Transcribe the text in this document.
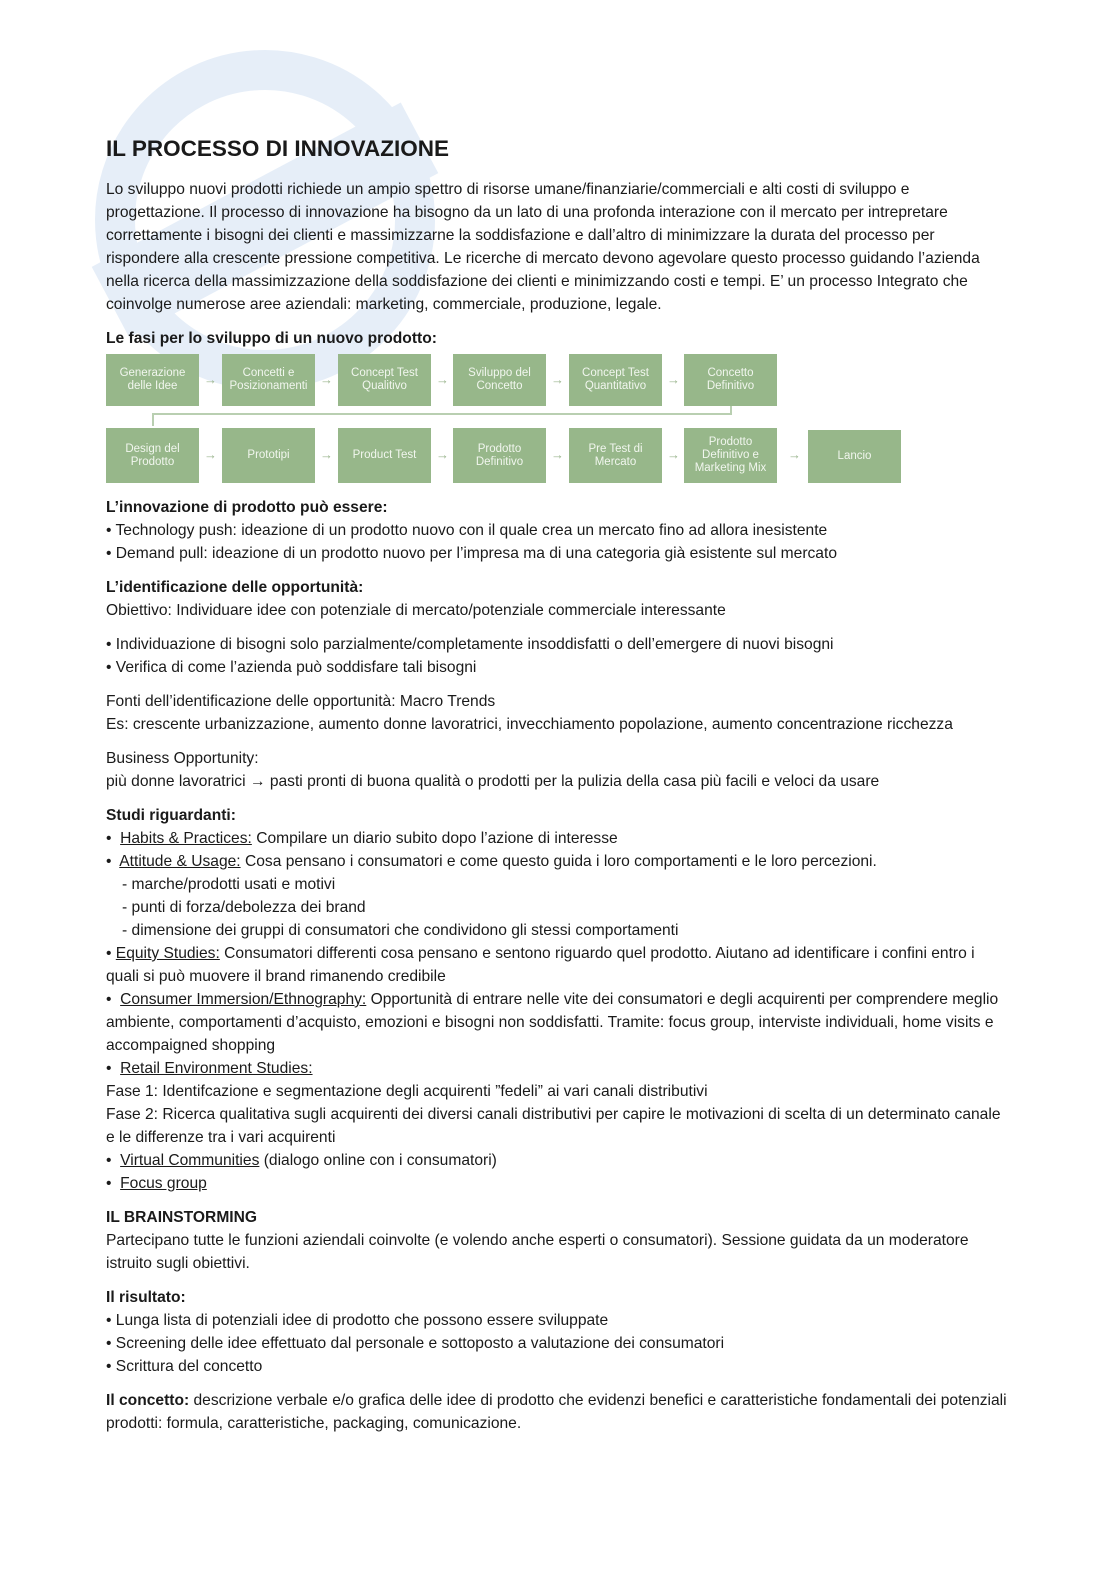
IL PROCESSO DI INNOVAZIONE

Lo sviluppo nuovi prodotti richiede un ampio spettro di risorse umane/finanziarie/commerciali e alti costi di sviluppo e progettazione. Il processo di innovazione ha bisogno da un lato di una profonda interazione con il mercato per intrepretare correttamente i bisogni dei clienti e massimizzarne la soddisfazione e dall’altro di minimizzare la durata del processo per rispondere alla crescente pressione competitiva. Le ricerche di mercato devono agevolare questo processo guidando l’azienda nella ricerca della massimizzazione della soddisfazione dei clienti e minimizzando costi e tempi. E’ un processo Integrato che coinvolge numerose aree aziendali: marketing, commerciale, produzione, legale.

Le fasi per lo sviluppo di un nuovo prodotto:

Generazione delle Idee	→	Concetti e Posizionamenti →	Concept Test Qualitivo	→	Sviluppo del Concetto	→	Concept Test Quantitativo	→	Concetto Definitivo
Design del Prodotto	→	Prototipi	→	Product Test	→	Prodotto Definitivo	→	Pre Test di Mercato	→
Prodotto Definitivo e Marketing Mix
→	Lancio

L’innovazione di prodotto può essere:

• Technology push: ideazione di un prodotto nuovo con il quale crea un mercato fino ad allora inesistente

• Demand pull: ideazione di un prodotto nuovo per l’impresa ma di una categoria già esistente sul mercato

L’identificazione delle opportunità:

Obiettivo: Individuare idee con potenziale di mercato/potenziale commerciale interessante

• Individuazione di bisogni solo parzialmente/completamente insoddisfatti o dell’emergere di nuovi bisogni

• Verifica di come l’azienda può soddisfare tali bisogni

Fonti dell’identificazione delle opportunità: Macro Trends

Es: crescente urbanizzazione, aumento donne lavoratrici, invecchiamento popolazione, aumento concentrazione ricchezza

Business Opportunity:

più donne lavoratrici → pasti pronti di buona qualità o prodotti per la pulizia della casa più facili e veloci da usare

Studi riguardanti:

•  Habits & Practices: Compilare un diario subito dopo l’azione di interesse

•  Attitude & Usage: Cosa pensano i consumatori e come questo guida i loro comportamenti e le loro percezioni.

- marche/prodotti usati e motivi

- punti di forza/debolezza dei brand

- dimensione dei gruppi di consumatori che condividono gli stessi comportamenti

• Equity Studies: Consumatori differenti cosa pensano e sentono riguardo quel prodotto. Aiutano ad identificare i confini entro i quali si può muovere il brand rimanendo credibile

•  Consumer Immersion/Ethnography: Opportunità di entrare nelle vite dei consumatori e degli acquirenti per comprendere meglio ambiente, comportamenti d’acquisto, emozioni e bisogni non soddisfatti. Tramite: focus group, interviste individuali, home visits e accompaigned shopping

•  Retail Environment Studies:

Fase 1: Identifcazione e segmentazione degli acquirenti ”fedeli” ai vari canali distributivi

Fase 2: Ricerca qualitativa sugli acquirenti dei diversi canali distributivi per capire le motivazioni di scelta di un determinato canale e le differenze tra i vari acquirenti

•  Virtual Communities (dialogo online con i consumatori)

•  Focus group

IL BRAINSTORMING

Partecipano tutte le funzioni aziendali coinvolte (e volendo anche esperti o consumatori). Sessione guidata da un moderatore istruito sugli obiettivi.

Il risultato:

• Lunga lista di potenziali idee di prodotto che possono essere sviluppate

• Screening delle idee effettuato dal personale e sottoposto a valutazione dei consumatori

• Scrittura del concetto

Il concetto: descrizione verbale e/o grafica delle idee di prodotto che evidenzi benefici e caratteristiche fondamentali dei potenziali prodotti: formula, caratteristiche, packaging, comunicazione.
